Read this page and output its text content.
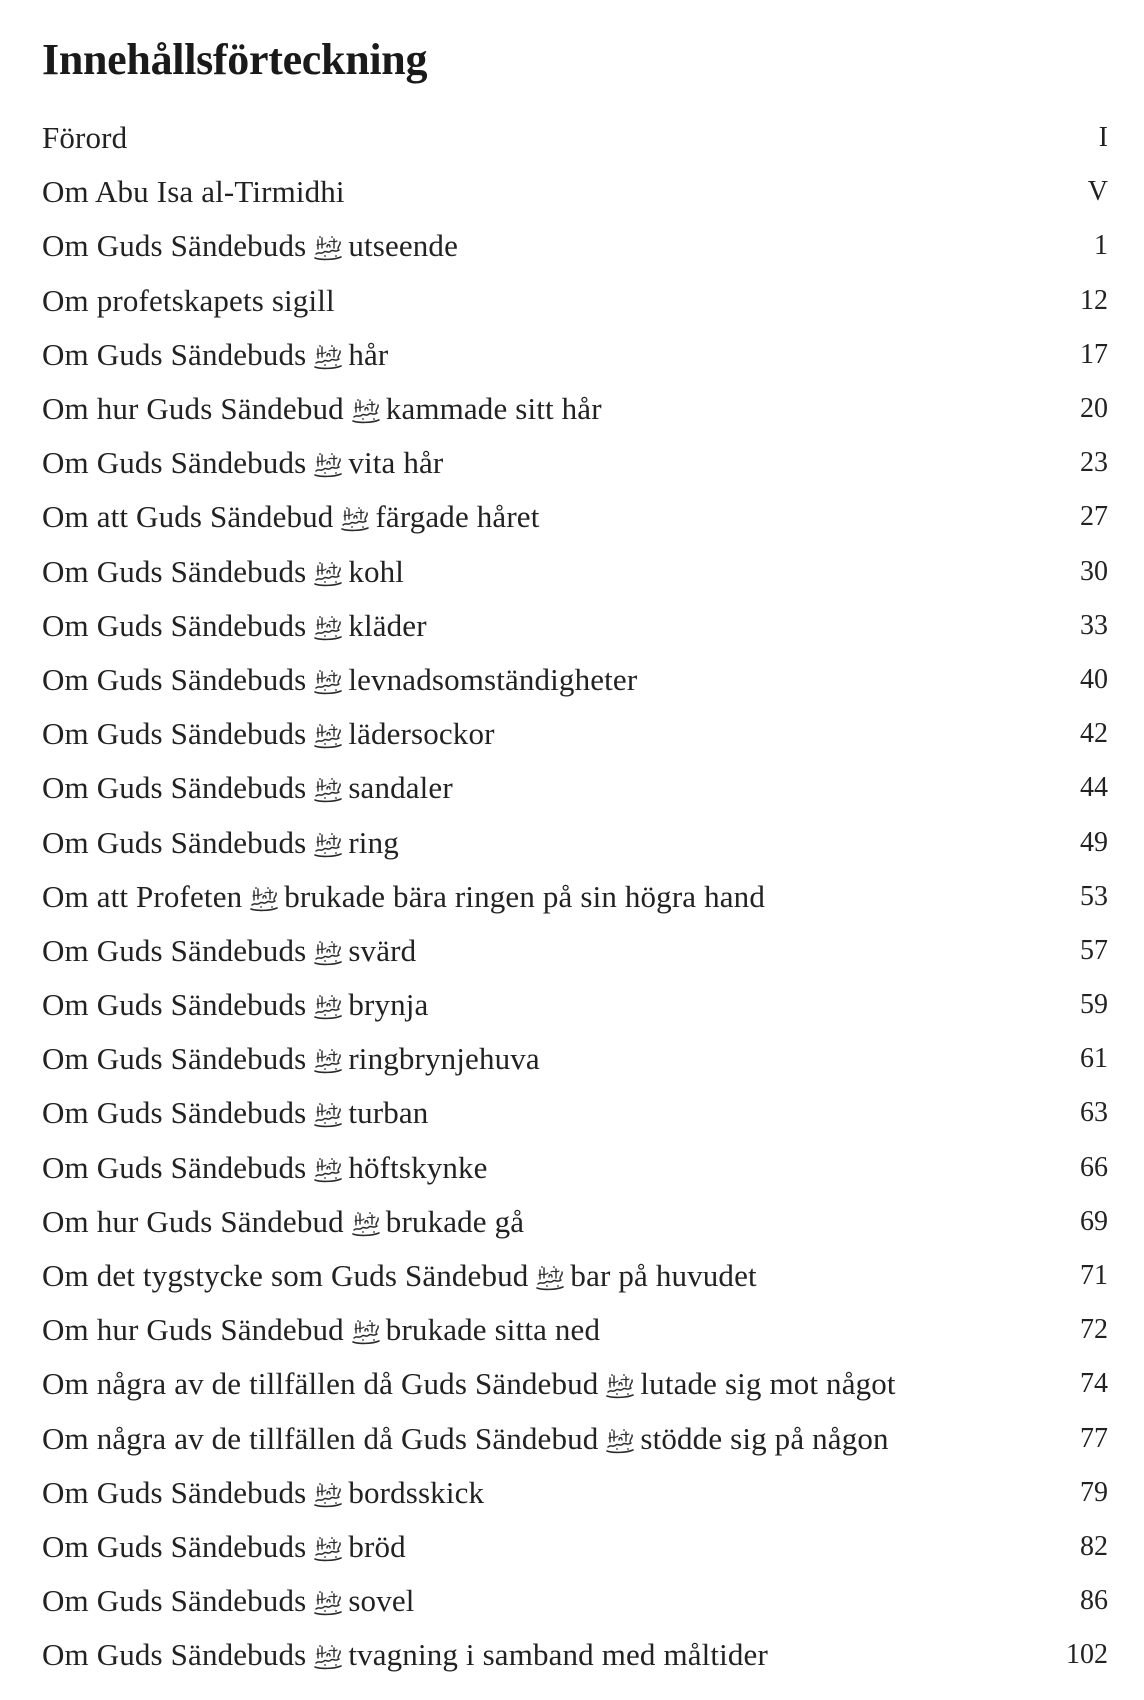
Innehållsförteckning
Förord	I
Om Abu Isa al-Tirmidhi	V
Om Guds Sändebuds utseende	1
Om profetskapets sigill	12
Om Guds Sändebuds hår	17
Om hur Guds Sändebud kammade sitt hår	20
Om Guds Sändebuds vita hår	23
Om att Guds Sändebud färgade håret	27
Om Guds Sändebuds kohl	30
Om Guds Sändebuds kläder	33
Om Guds Sändebuds levnadsomständigheter	40
Om Guds Sändebuds lädersockor	42
Om Guds Sändebuds sandaler	44
Om Guds Sändebuds ring	49
Om att Profeten brukade bära ringen på sin högra hand	53
Om Guds Sändebuds svärd	57
Om Guds Sändebuds brynja	59
Om Guds Sändebuds ringbrynjehuva	61
Om Guds Sändebuds turban	63
Om Guds Sändebuds höftskynke	66
Om hur Guds Sändebud brukade gå	69
Om det tygstycke som Guds Sändebud bar på huvudet	71
Om hur Guds Sändebud brukade sitta ned	72
Om några av de tillfällen då Guds Sändebud lutade sig mot något	74
Om några av de tillfällen då Guds Sändebud stödde sig på någon	77
Om Guds Sändebuds bordsskick	79
Om Guds Sändebuds bröd	82
Om Guds Sändebuds sovel	86
Om Guds Sändebuds tvagning i samband med måltider	102
